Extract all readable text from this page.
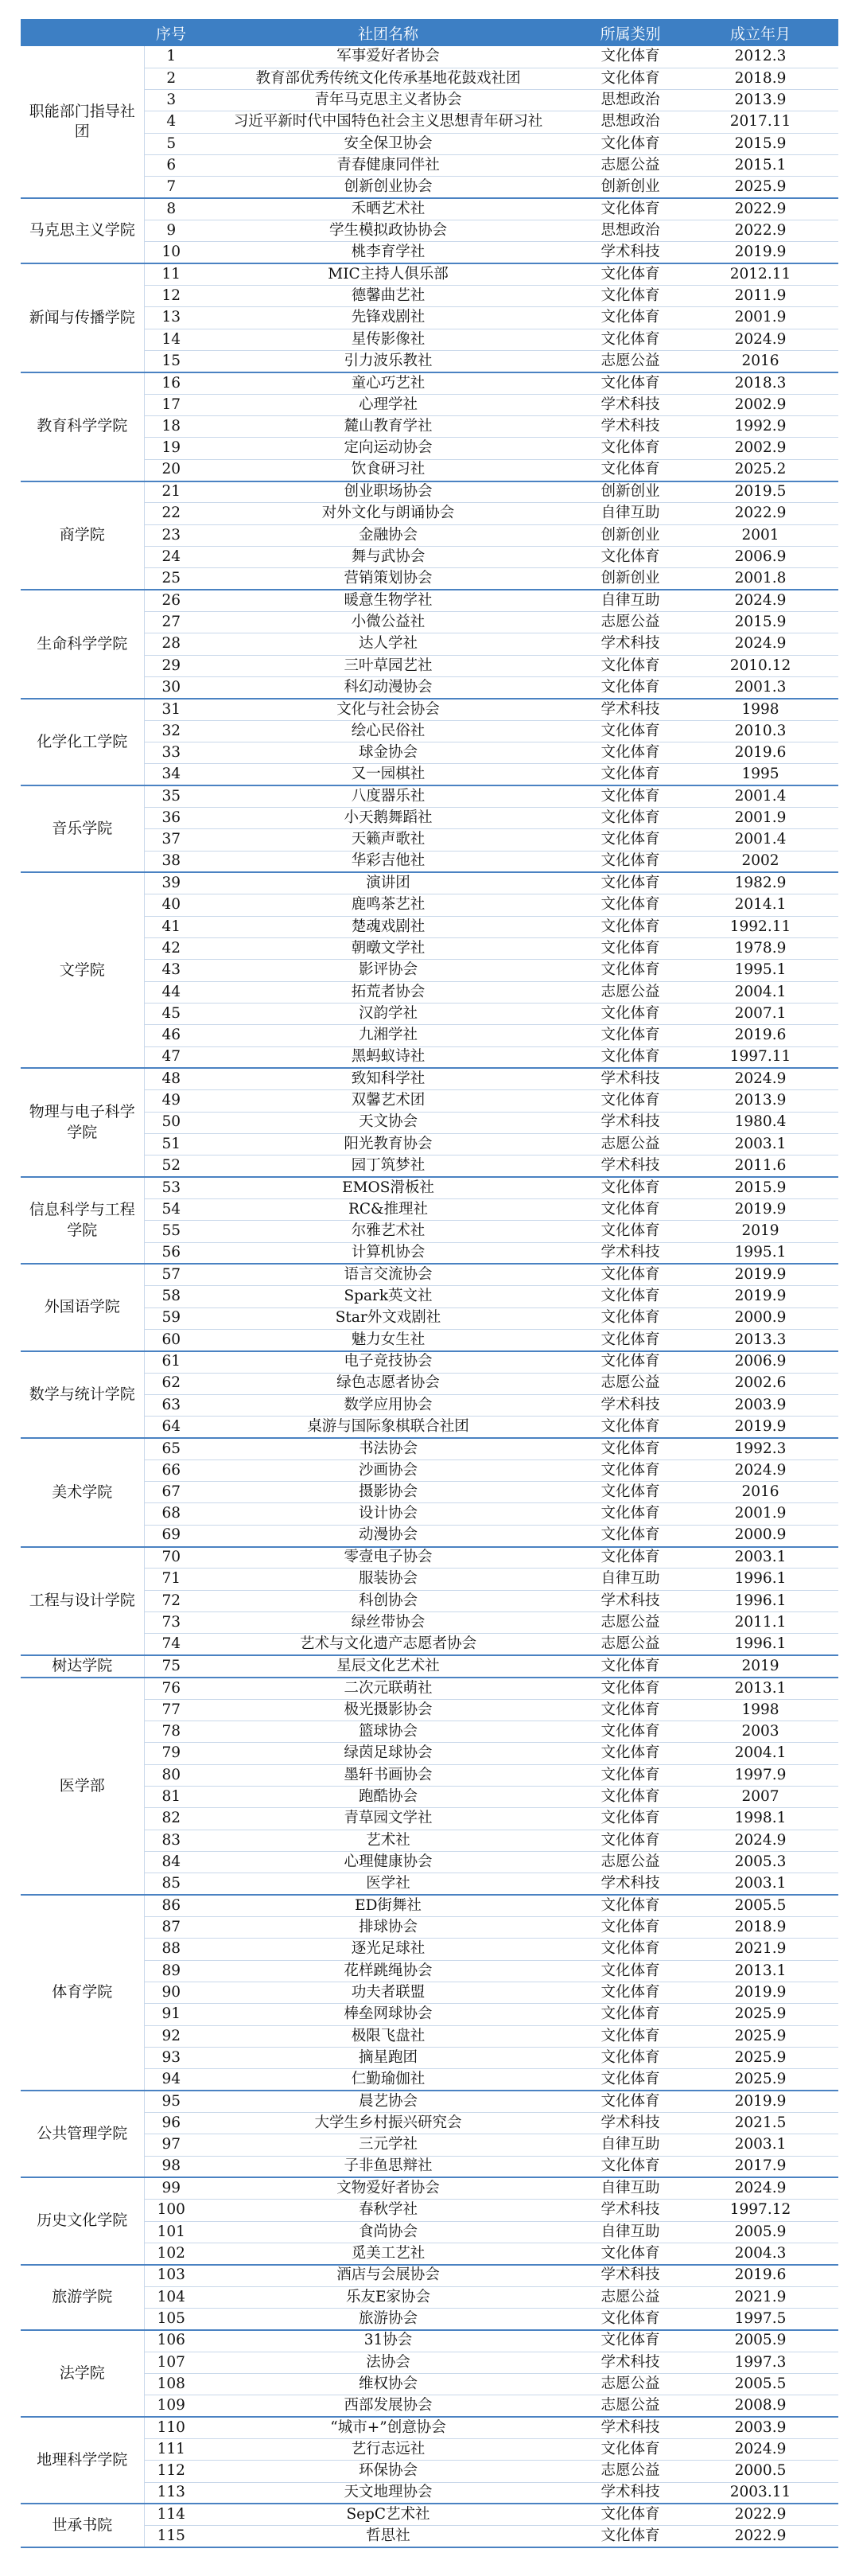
	序号	社团名称	所属类别	成立年月
职能部门指导社团	1	军事爱好者协会	文化体育	2012.3
	2	教育部优秀传统文化传承基地花鼓戏社团	文化体育	2018.9
	3	青年马克思主义者协会	思想政治	2013.9
	4	习近平新时代中国特色社会主义思想青年研习社	思想政治	2017.11
	5	安全保卫协会	文化体育	2015.9
	6	青春健康同伴社	志愿公益	2015.1
	7	创新创业协会	创新创业	2025.9
马克思主义学院	8	禾晒艺术社	文化体育	2022.9
	9	学生模拟政协协会	思想政治	2022.9
	10	桃李育学社	学术科技	2019.9
新闻与传播学院	11	MIC主持人俱乐部	文化体育	2012.11
	12	德馨曲艺社	文化体育	2011.9
	13	先锋戏剧社	文化体育	2001.9
	14	星传影像社	文化体育	2024.9
	15	引力波乐教社	志愿公益	2016
教育科学学院	16	童心巧艺社	文化体育	2018.3
	17	心理学社	学术科技	2002.9
	18	麓山教育学社	学术科技	1992.9
	19	定向运动协会	文化体育	2002.9
	20	饮食研习社	文化体育	2025.2
商学院	21	创业职场协会	创新创业	2019.5
	22	对外文化与朗诵协会	自律互助	2022.9
	23	金融协会	创新创业	2001
	24	舞与武协会	文化体育	2006.9
	25	营销策划协会	创新创业	2001.8
生命科学学院	26	暖意生物学社	自律互助	2024.9
	27	小微公益社	志愿公益	2015.9
	28	达人学社	学术科技	2024.9
	29	三叶草园艺社	文化体育	2010.12
	30	科幻动漫协会	文化体育	2001.3
化学化工学院	31	文化与社会协会	学术科技	1998
	32	绘心民俗社	文化体育	2010.3
	33	球金协会	文化体育	2019.6
	34	又一园棋社	文化体育	1995
音乐学院	35	八度器乐社	文化体育	2001.4
	36	小天鹅舞蹈社	文化体育	2001.9
	37	天籁声歌社	文化体育	2001.4
	38	华彩吉他社	文化体育	2002
文学院	39	演讲团	文化体育	1982.9
	40	鹿鸣茶艺社	文化体育	2014.1
	41	楚魂戏剧社	文化体育	1992.11
	42	朝暾文学社	文化体育	1978.9
	43	影评协会	文化体育	1995.1
	44	拓荒者协会	志愿公益	2004.1
	45	汉韵学社	文化体育	2007.1
	46	九湘学社	文化体育	2019.6
	47	黑蚂蚁诗社	文化体育	1997.11
物理与电子科学学院	48	致知科学社	学术科技	2024.9
	49	双馨艺术团	文化体育	2013.9
	50	天文协会	学术科技	1980.4
	51	阳光教育协会	志愿公益	2003.1
	52	园丁筑梦社	学术科技	2011.6
信息科学与工程学院	53	EMOS滑板社	文化体育	2015.9
	54	RC&推理社	文化体育	2019.9
	55	尔雅艺术社	文化体育	2019
	56	计算机协会	学术科技	1995.1
外国语学院	57	语言交流协会	文化体育	2019.9
	58	Spark英文社	文化体育	2019.9
	59	Star外文戏剧社	文化体育	2000.9
	60	魅力女生社	文化体育	2013.3
数学与统计学院	61	电子竞技协会	文化体育	2006.9
	62	绿色志愿者协会	志愿公益	2002.6
	63	数学应用协会	学术科技	2003.9
	64	桌游与国际象棋联合社团	文化体育	2019.9
美术学院	65	书法协会	文化体育	1992.3
	66	沙画协会	文化体育	2024.9
	67	摄影协会	文化体育	2016
	68	设计协会	文化体育	2001.9
	69	动漫协会	文化体育	2000.9
工程与设计学院	70	零壹电子协会	文化体育	2003.1
	71	服装协会	自律互助	1996.1
	72	科创协会	学术科技	1996.1
	73	绿丝带协会	志愿公益	2011.1
	74	艺术与文化遗产志愿者协会	志愿公益	1996.1
树达学院	75	星辰文化艺术社	文化体育	2019
医学部	76	二次元联萌社	文化体育	2013.1
	77	极光摄影协会	文化体育	1998
	78	篮球协会	文化体育	2003
	79	绿茵足球协会	文化体育	2004.1
	80	墨轩书画协会	文化体育	1997.9
	81	跑酷协会	文化体育	2007
	82	青草园文学社	文化体育	1998.1
	83	艺术社	文化体育	2024.9
	84	心理健康协会	志愿公益	2005.3
	85	医学社	学术科技	2003.1
体育学院	86	ED街舞社	文化体育	2005.5
	87	排球协会	文化体育	2018.9
	88	逐光足球社	文化体育	2021.9
	89	花样跳绳协会	文化体育	2013.1
	90	功夫者联盟	文化体育	2019.9
	91	棒垒网球协会	文化体育	2025.9
	92	极限飞盘社	文化体育	2025.9
	93	摘星跑团	文化体育	2025.9
	94	仁勤瑜伽社	文化体育	2025.9
公共管理学院	95	晨艺协会	文化体育	2019.9
	96	大学生乡村振兴研究会	学术科技	2021.5
	97	三元学社	自律互助	2003.1
	98	子非鱼思辩社	文化体育	2017.9
历史文化学院	99	文物爱好者协会	自律互助	2024.9
	100	春秋学社	学术科技	1997.12
	101	食尚协会	自律互助	2005.9
	102	觅美工艺社	文化体育	2004.3
旅游学院	103	酒店与会展协会	学术科技	2019.6
	104	乐友E家协会	志愿公益	2021.9
	105	旅游协会	文化体育	1997.5
法学院	106	31协会	文化体育	2005.9
	107	法协会	学术科技	1997.3
	108	维权协会	志愿公益	2005.5
	109	西部发展协会	志愿公益	2008.9
地理科学学院	110	“城市+”创意协会	学术科技	2003.9
	111	艺行志远社	文化体育	2024.9
	112	环保协会	志愿公益	2000.5
	113	天文地理协会	学术科技	2003.11
世承书院	114	SepC艺术社	文化体育	2022.9
	115	哲思社	文化体育	2022.9
